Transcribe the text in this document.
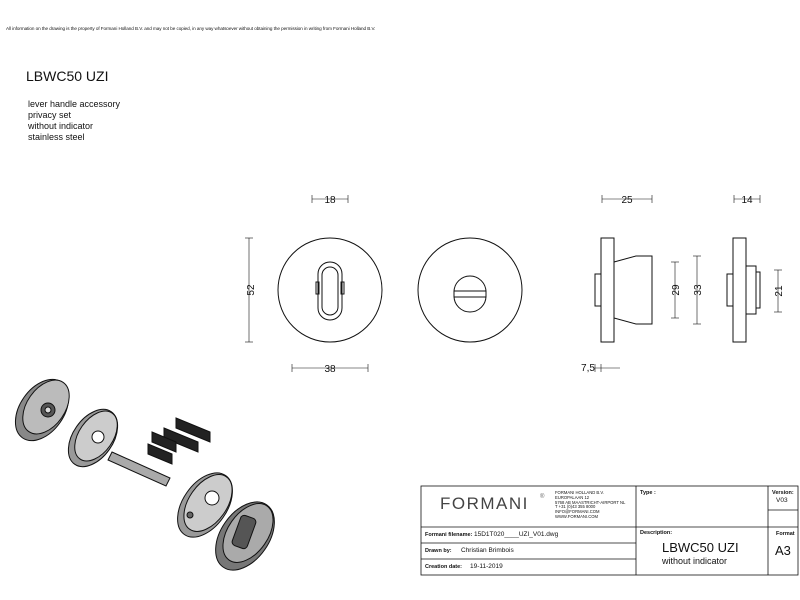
All information on the drawing is the property of Formani Holland B.V. and may not be copied, in any way whatsoever without obtaining the permission in writing from Formani Holland B.V.
LBWC50 UZI
lever handle accessory
privacy set
without indicator
stainless steel
18
52
38
25
29 33
7,5
14
21
FORMANI ®
FORMANI HOLLAND B.V.
EUROPALAAN 12
5768 AB MAASTRICHT-AIRPORT NL
T +31 (0)43 355 8000
INFO@FORMANI.COM
WWW.FORMANI.COM
Type :	Version:
V03
Formani filename: 15D1T020____UZI_V01.dwg
Drawn by: Christian Brimbois
Creation date: 19-11-2019
Description:
LBWC50 UZI
without indicator
Format
A3
